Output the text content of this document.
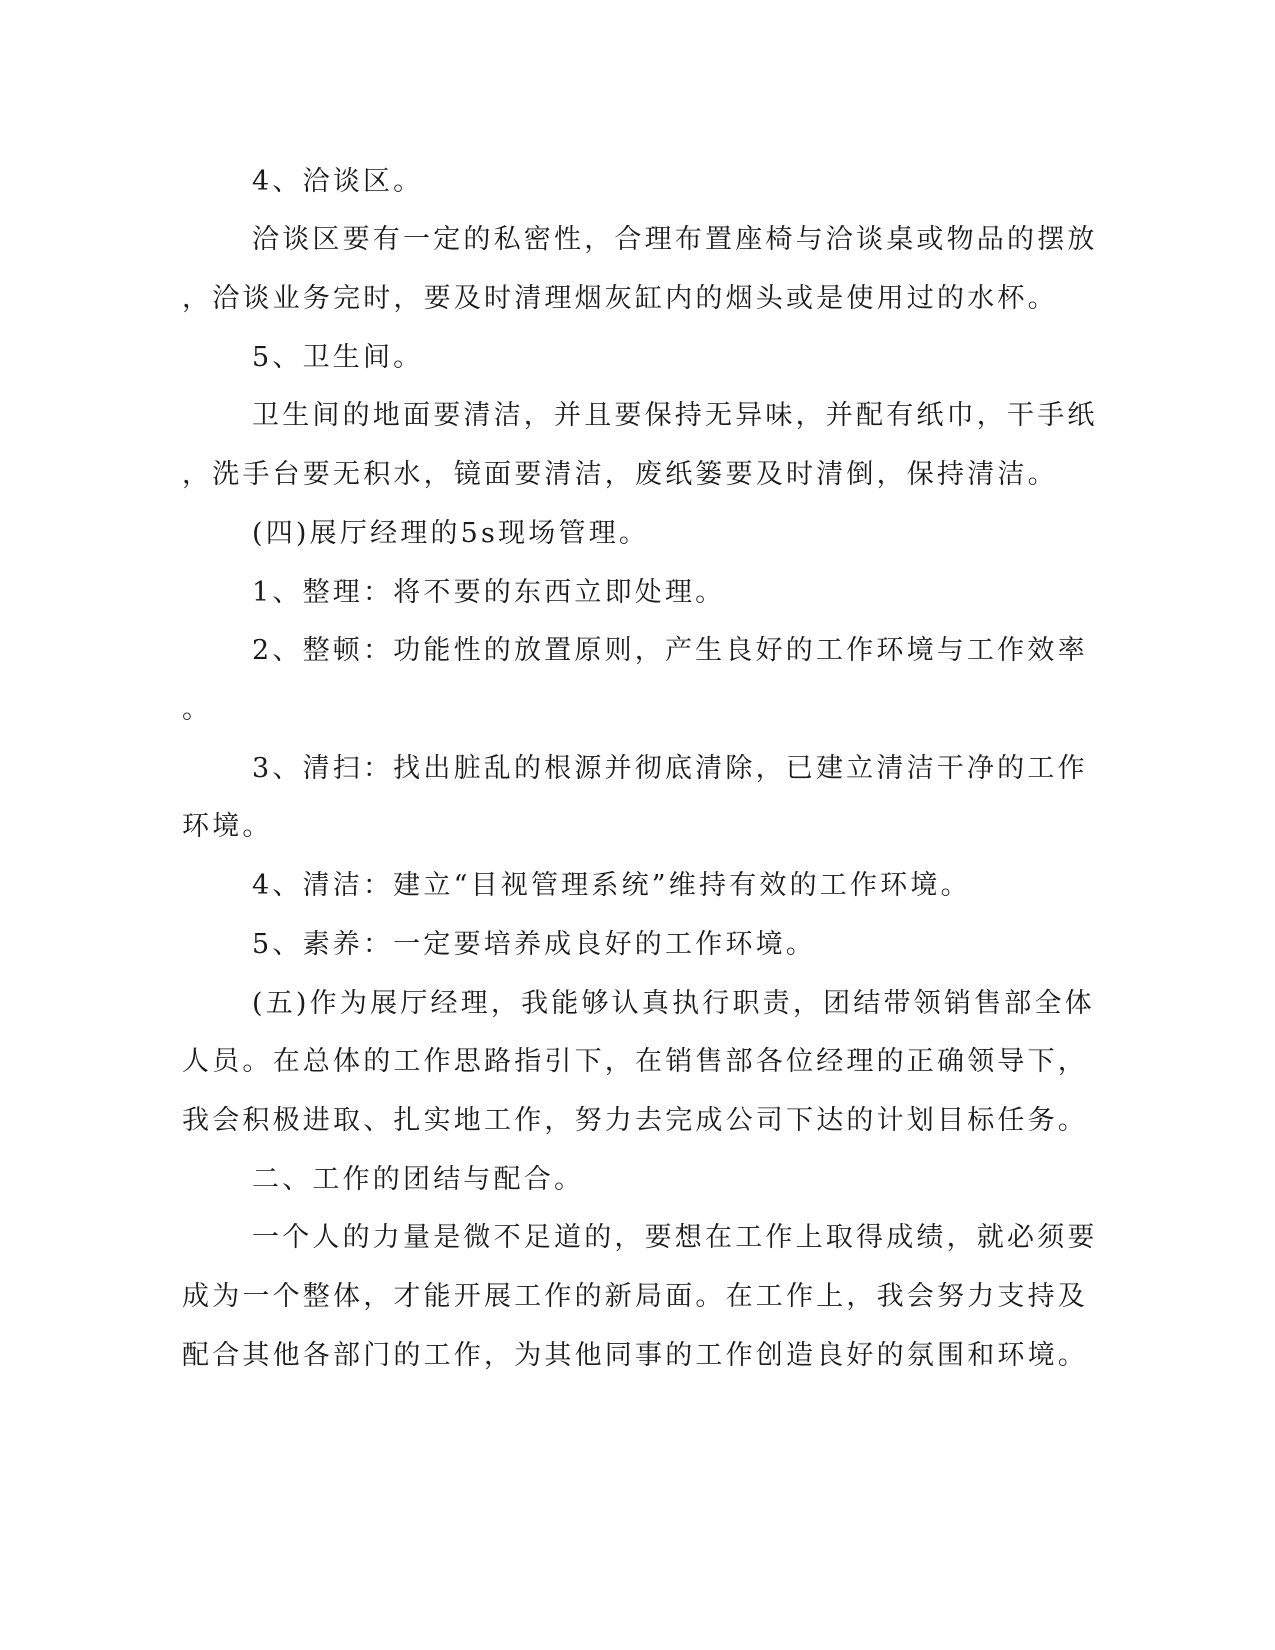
4、洽谈区。
洽谈区要有一定的私密性，合理布置座椅与洽谈桌或物品的摆放
，洽谈业务完时，要及时清理烟灰缸内的烟头或是使用过的水杯。
5、卫生间。
卫生间的地面要清洁，并且要保持无异味，并配有纸巾，干手纸
，洗手台要无积水，镜面要清洁，废纸篓要及时清倒，保持清洁。
(四)展厅经理的5s现场管理。
1、整理：将不要的东西立即处理。
2、整顿：功能性的放置原则，产生良好的工作环境与工作效率
。
3、清扫：找出脏乱的根源并彻底清除，已建立清洁干净的工作
环境。
4、清洁：建立“目视管理系统”维持有效的工作环境。
5、素养：一定要培养成良好的工作环境。
(五)作为展厅经理，我能够认真执行职责，团结带领销售部全体
人员。在总体的工作思路指引下，在销售部各位经理的正确领导下，
我会积极进取、扎实地工作，努力去完成公司下达的计划目标任务。
二、工作的团结与配合。
一个人的力量是微不足道的，要想在工作上取得成绩，就必须要
成为一个整体，才能开展工作的新局面。在工作上，我会努力支持及
配合其他各部门的工作，为其他同事的工作创造良好的氛围和环境。
